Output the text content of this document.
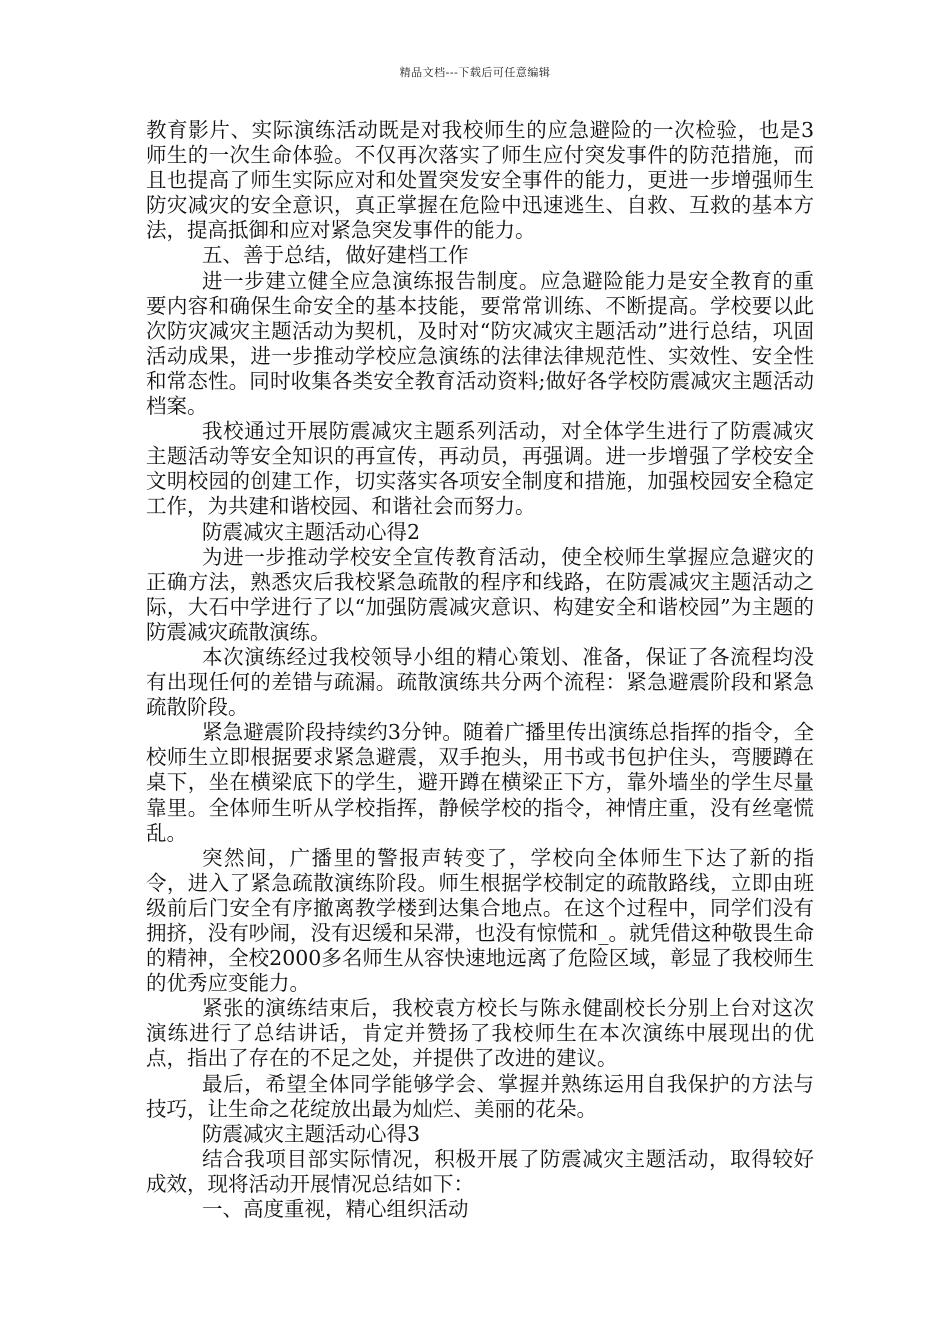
精品文档---下载后可任意编辑

教育影片、实际演练活动既是对我校师生的应急避险的一次检验，也是3师生的一次生命体验。不仅再次落实了师生应付突发事件的防范措施，而且也提高了师生实际应对和处置突发安全事件的能力，更进一步增强师生防灾减灾的安全意识，真正掌握在危险中迅速逃生、自救、互救的基本方法，提高抵御和应对紧急突发事件的能力。

五、善于总结，做好建档工作

进一步建立健全应急演练报告制度。应急避险能力是安全教育的重要内容和确保生命安全的基本技能，要常常训练、不断提高。学校要以此次防灾减灾主题活动为契机，及时对“防灾减灾主题活动”进行总结，巩固活动成果，进一步推动学校应急演练的法律法律规范性、实效性、安全性和常态性。同时收集各类安全教育活动资料;做好各学校防震减灾主题活动档案。

我校通过开展防震减灾主题系列活动，对全体学生进行了防震减灾主题活动等安全知识的再宣传，再动员，再强调。进一步增强了学校安全文明校园的创建工作，切实落实各项安全制度和措施，加强校园安全稳定工作，为共建和谐校园、和谐社会而努力。

防震减灾主题活动心得2

为进一步推动学校安全宣传教育活动，使全校师生掌握应急避灾的正确方法，熟悉灾后我校紧急疏散的程序和线路，在防震减灾主题活动之际，大石中学进行了以“加强防震减灾意识、构建安全和谐校园”为主题的防震减灾疏散演练。

本次演练经过我校领导小组的精心策划、准备，保证了各流程均没有出现任何的差错与疏漏。疏散演练共分两个流程：紧急避震阶段和紧急疏散阶段。

紧急避震阶段持续约3分钟。随着广播里传出演练总指挥的指令，全校师生立即根据要求紧急避震，双手抱头，用书或书包护住头，弯腰蹲在桌下，坐在横梁底下的学生，避开蹲在横梁正下方，靠外墙坐的学生尽量靠里。全体师生听从学校指挥，静候学校的指令，神情庄重，没有丝毫慌乱。

突然间，广播里的警报声转变了，学校向全体师生下达了新的指令，进入了紧急疏散演练阶段。师生根据学校制定的疏散路线，立即由班级前后门安全有序撤离教学楼到达集合地点。在这个过程中，同学们没有拥挤，没有吵闹，没有迟缓和呆滞，也没有惊慌和_。就凭借这种敬畏生命的精神，全校2000多名师生从容快速地远离了危险区域，彰显了我校师生的优秀应变能力。

紧张的演练结束后，我校袁方校长与陈永健副校长分别上台对这次演练进行了总结讲话，肯定并赞扬了我校师生在本次演练中展现出的优点，指出了存在的不足之处，并提供了改进的建议。

最后，希望全体同学能够学会、掌握并熟练运用自我保护的方法与技巧，让生命之花绽放出最为灿烂、美丽的花朵。

防震减灾主题活动心得3

结合我项目部实际情况，积极开展了防震减灾主题活动，取得较好成效，现将活动开展情况总结如下：

一、高度重视，精心组织活动
